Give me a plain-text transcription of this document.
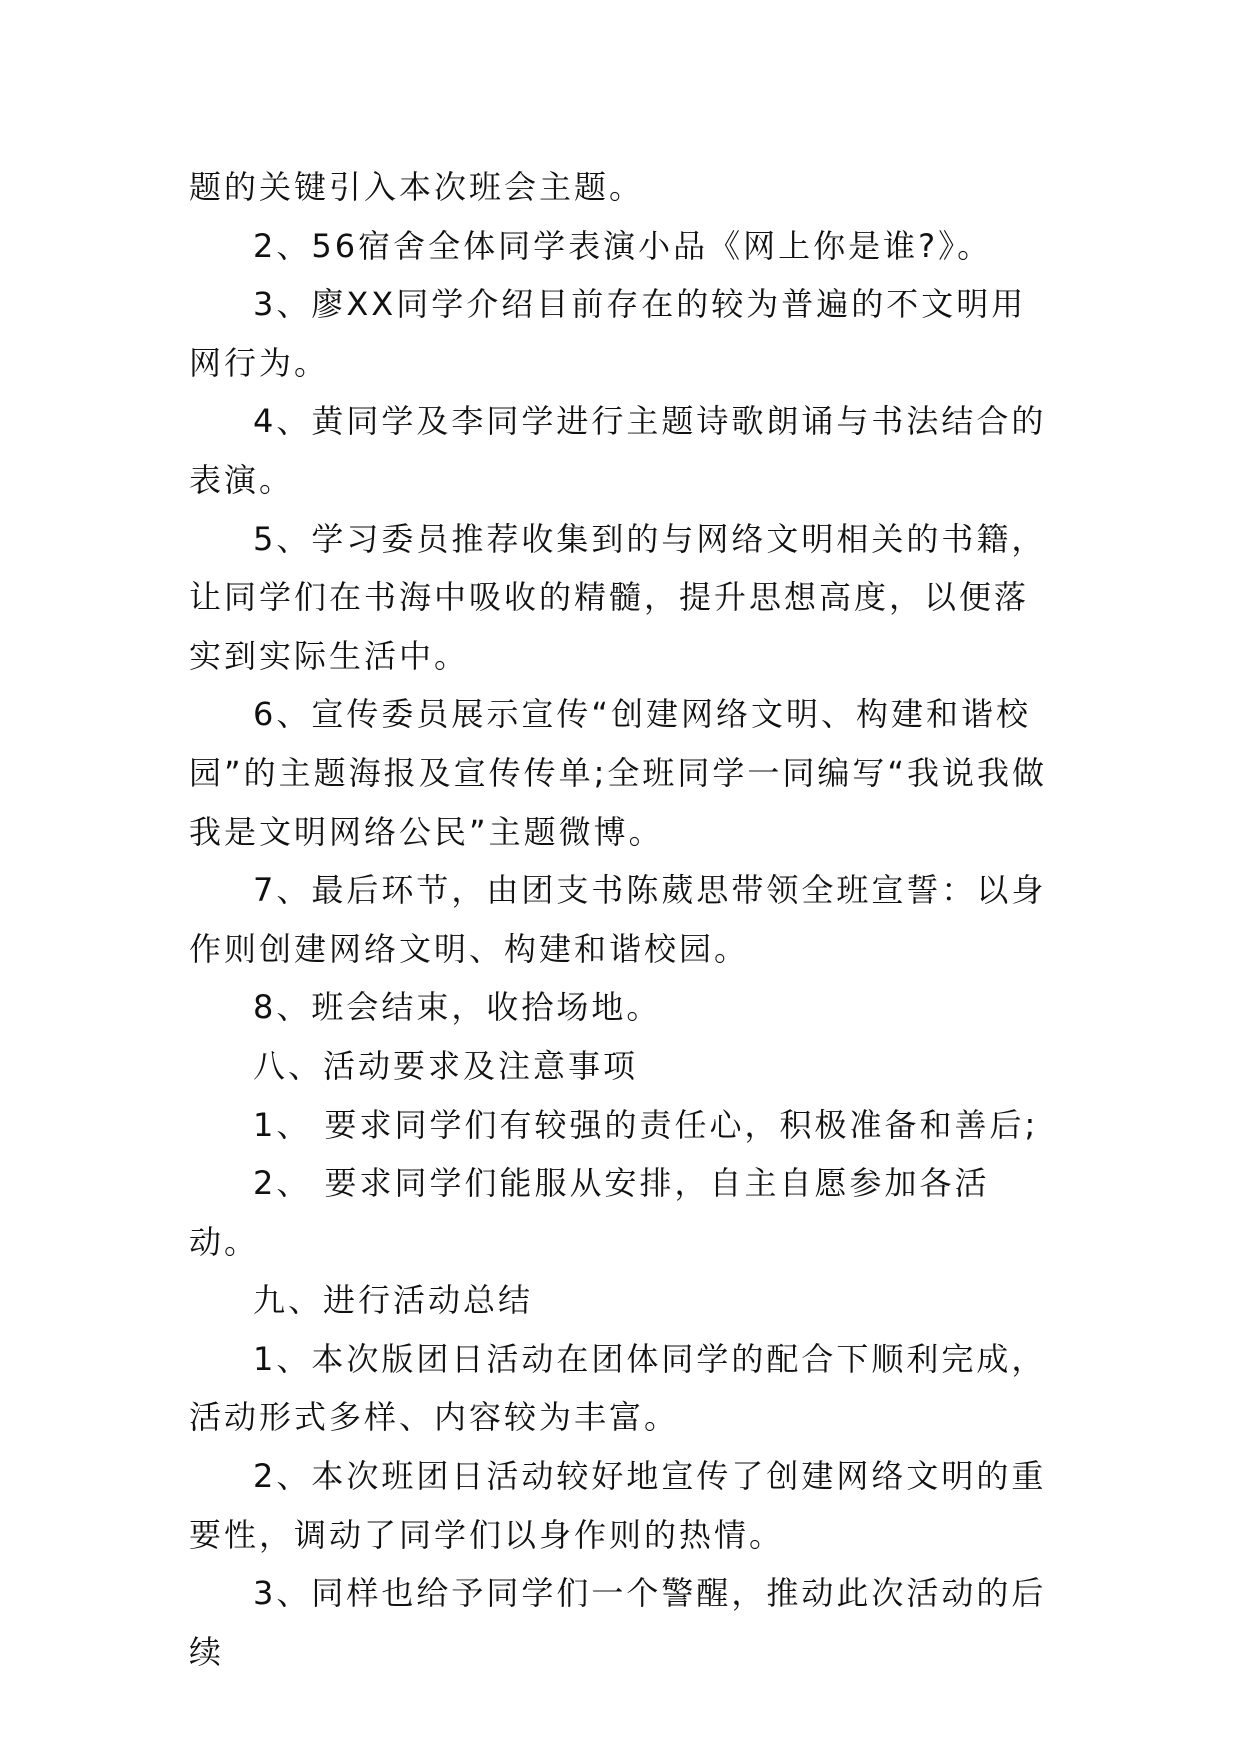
题的关键引入本次班会主题。

2、56宿舍全体同学表演小品《网上你是谁?》。

3、廖XX同学介绍目前存在的较为普遍的不文明用网行为。

4、黄同学及李同学进行主题诗歌朗诵与书法结合的表演。

5、学习委员推荐收集到的与网络文明相关的书籍，让同学们在书海中吸收的精髓，提升思想高度，以便落实到实际生活中。

6、宣传委员展示宣传“创建网络文明、构建和谐校园”的主题海报及宣传传单;全班同学一同编写“我说我做我是文明网络公民”主题微博。

7、最后环节，由团支书陈葳思带领全班宣誓：以身作则创建网络文明、构建和谐校园。

8、班会结束，收拾场地。

八、活动要求及注意事项

1、 要求同学们有较强的责任心，积极准备和善后;

2、 要求同学们能服从安排，自主自愿参加各活动。

九、进行活动总结

1、本次版团日活动在团体同学的配合下顺利完成，活动形式多样、内容较为丰富。

2、本次班团日活动较好地宣传了创建网络文明的重要性，调动了同学们以身作则的热情。

3、同样也给予同学们一个警醒，推动此次活动的后续
